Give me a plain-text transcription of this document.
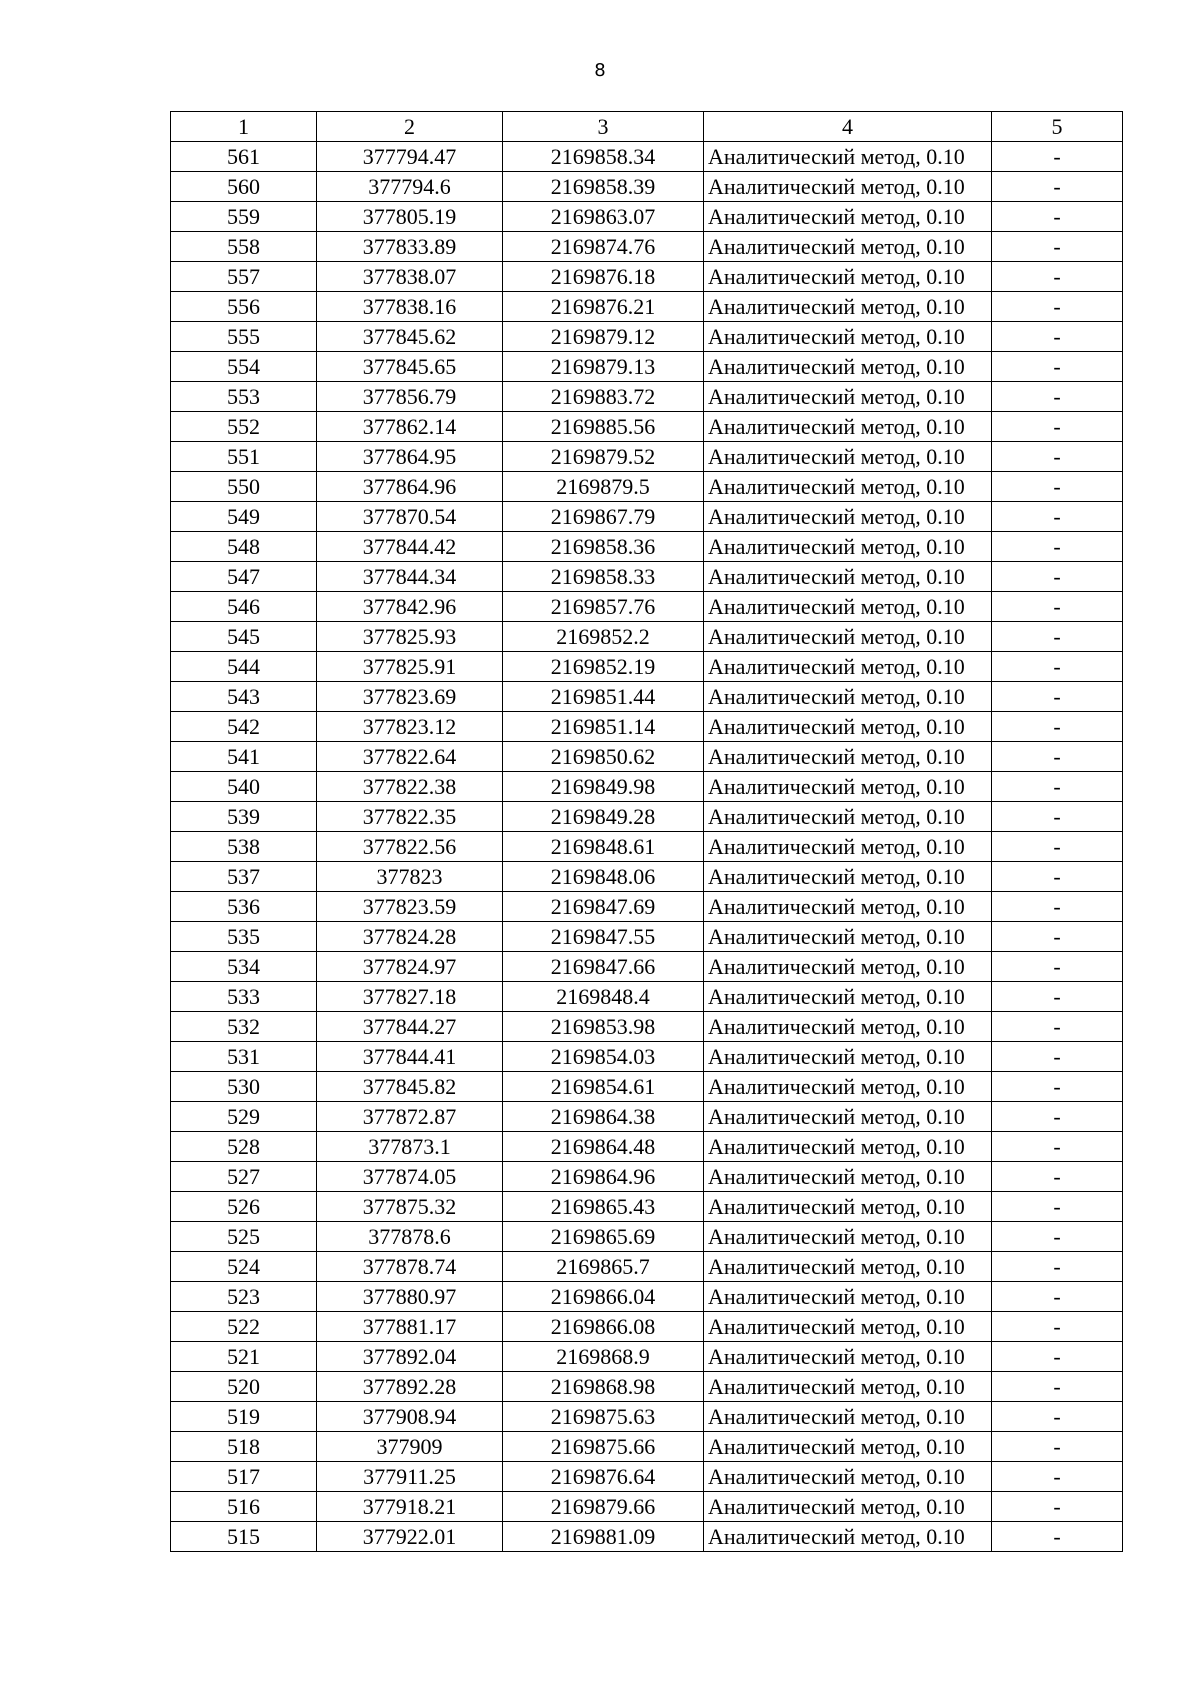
8
1	2	3	4	5
561	377794.47	2169858.34	Аналитический метод, 0.10	-
560	377794.6	2169858.39	Аналитический метод, 0.10	-
559	377805.19	2169863.07	Аналитический метод, 0.10	-
558	377833.89	2169874.76	Аналитический метод, 0.10	-
557	377838.07	2169876.18	Аналитический метод, 0.10	-
556	377838.16	2169876.21	Аналитический метод, 0.10	-
555	377845.62	2169879.12	Аналитический метод, 0.10	-
554	377845.65	2169879.13	Аналитический метод, 0.10	-
553	377856.79	2169883.72	Аналитический метод, 0.10	-
552	377862.14	2169885.56	Аналитический метод, 0.10	-
551	377864.95	2169879.52	Аналитический метод, 0.10	-
550	377864.96	2169879.5	Аналитический метод, 0.10	-
549	377870.54	2169867.79	Аналитический метод, 0.10	-
548	377844.42	2169858.36	Аналитический метод, 0.10	-
547	377844.34	2169858.33	Аналитический метод, 0.10	-
546	377842.96	2169857.76	Аналитический метод, 0.10	-
545	377825.93	2169852.2	Аналитический метод, 0.10	-
544	377825.91	2169852.19	Аналитический метод, 0.10	-
543	377823.69	2169851.44	Аналитический метод, 0.10	-
542	377823.12	2169851.14	Аналитический метод, 0.10	-
541	377822.64	2169850.62	Аналитический метод, 0.10	-
540	377822.38	2169849.98	Аналитический метод, 0.10	-
539	377822.35	2169849.28	Аналитический метод, 0.10	-
538	377822.56	2169848.61	Аналитический метод, 0.10	-
537	377823	2169848.06	Аналитический метод, 0.10	-
536	377823.59	2169847.69	Аналитический метод, 0.10	-
535	377824.28	2169847.55	Аналитический метод, 0.10	-
534	377824.97	2169847.66	Аналитический метод, 0.10	-
533	377827.18	2169848.4	Аналитический метод, 0.10	-
532	377844.27	2169853.98	Аналитический метод, 0.10	-
531	377844.41	2169854.03	Аналитический метод, 0.10	-
530	377845.82	2169854.61	Аналитический метод, 0.10	-
529	377872.87	2169864.38	Аналитический метод, 0.10	-
528	377873.1	2169864.48	Аналитический метод, 0.10	-
527	377874.05	2169864.96	Аналитический метод, 0.10	-
526	377875.32	2169865.43	Аналитический метод, 0.10	-
525	377878.6	2169865.69	Аналитический метод, 0.10	-
524	377878.74	2169865.7	Аналитический метод, 0.10	-
523	377880.97	2169866.04	Аналитический метод, 0.10	-
522	377881.17	2169866.08	Аналитический метод, 0.10	-
521	377892.04	2169868.9	Аналитический метод, 0.10	-
520	377892.28	2169868.98	Аналитический метод, 0.10	-
519	377908.94	2169875.63	Аналитический метод, 0.10	-
518	377909	2169875.66	Аналитический метод, 0.10	-
517	377911.25	2169876.64	Аналитический метод, 0.10	-
516	377918.21	2169879.66	Аналитический метод, 0.10	-
515	377922.01	2169881.09	Аналитический метод, 0.10	-
